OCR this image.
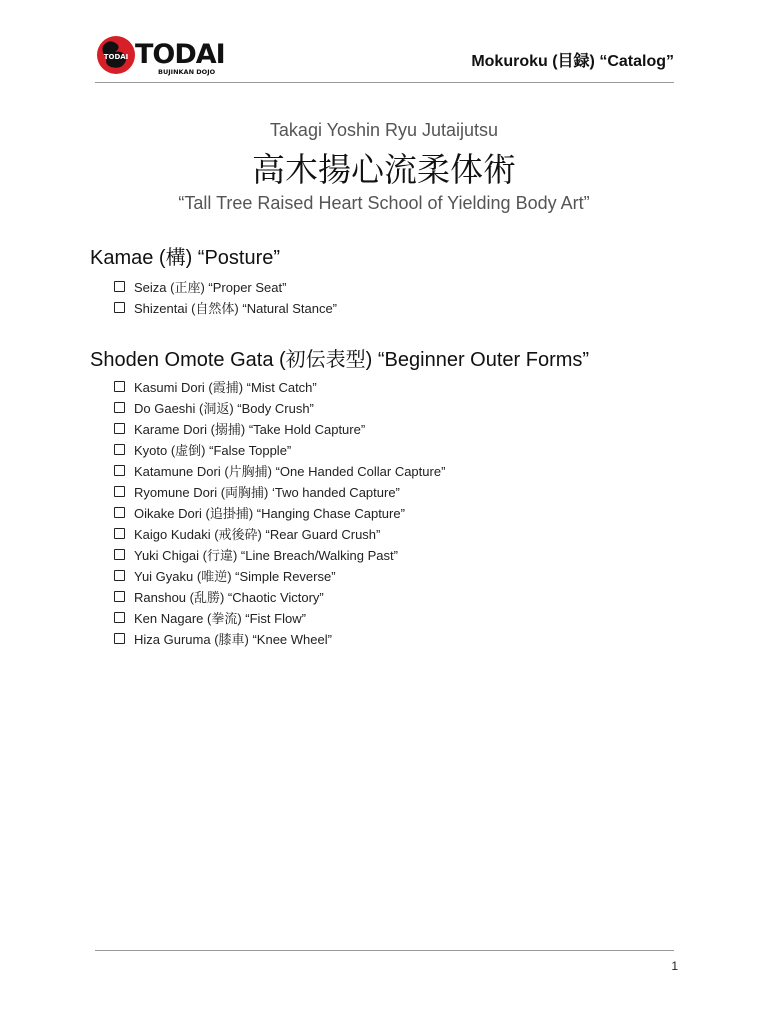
TODAI TODAI
BUJINKAN DOJO
Mokuroku (目録) “Catalog”
Takagi Yoshin Ryu Jutaijutsu
高木揚心流柔体術
“Tall Tree Raised Heart School of Yielding Body Art”
Kamae (構) “Posture”
Seiza (正座) “Proper Seat”
Shizentai (自然体) “Natural Stance”
Shoden Omote Gata (初伝表型) “Beginner Outer Forms”
Kasumi Dori (霞捕) “Mist Catch”
Do Gaeshi (洞返) “Body Crush”
Karame Dori (搦捕) “Take Hold Capture”
Kyoto (虚倒) “False Topple”
Katamune Dori (片胸捕) “One Handed Collar Capture”
Ryomune Dori (両胸捕) ‘Two handed Capture”
Oikake Dori (追掛捕) “Hanging Chase Capture”
Kaigo Kudaki (戒後砕) “Rear Guard Crush”
Yuki Chigai (行違) “Line Breach/Walking Past”
Yui Gyaku (唯逆) “Simple Reverse”
Ranshou (乱勝) “Chaotic Victory”
Ken Nagare (拳流) “Fist Flow”
Hiza Guruma (膝車) “Knee Wheel”
1
